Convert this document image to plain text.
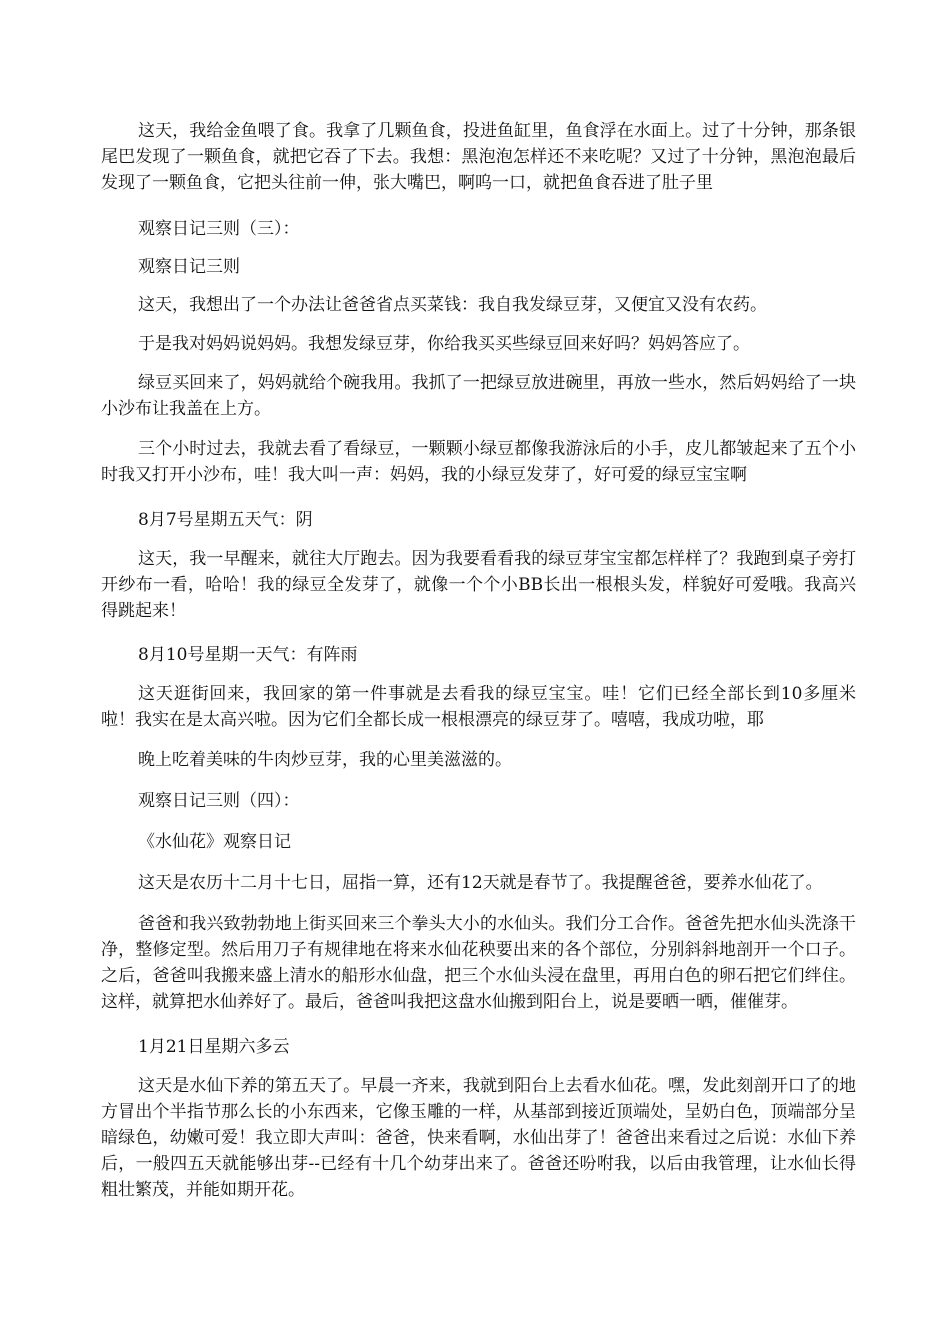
这天，我给金鱼喂了食。我拿了几颗鱼食，投进鱼缸里，鱼食浮在水面上。过了十分钟，那条银尾巴发现了一颗鱼食，就把它吞了下去。我想：黑泡泡怎样还不来吃呢？又过了十分钟，黑泡泡最后发现了一颗鱼食，它把头往前一伸，张大嘴巴，啊呜一口，就把鱼食吞进了肚子里

观察日记三则（三）：

观察日记三则

这天，我想出了一个办法让爸爸省点买菜钱：我自我发绿豆芽，又便宜又没有农药。

于是我对妈妈说妈妈。我想发绿豆芽，你给我买买些绿豆回来好吗？妈妈答应了。

绿豆买回来了，妈妈就给个碗我用。我抓了一把绿豆放进碗里，再放一些水，然后妈妈给了一块小沙布让我盖在上方。

三个小时过去，我就去看了看绿豆，一颗颗小绿豆都像我游泳后的小手，皮儿都皱起来了五个小时我又打开小沙布，哇！我大叫一声：妈妈，我的小绿豆发芽了，好可爱的绿豆宝宝啊

8月7号星期五天气：阴

这天，我一早醒来，就往大厅跑去。因为我要看看我的绿豆芽宝宝都怎样样了？我跑到桌子旁打开纱布一看，哈哈！我的绿豆全发芽了，就像一个个小BB长出一根根头发，样貌好可爱哦。我高兴得跳起来！

8月10号星期一天气：有阵雨

这天逛街回来，我回家的第一件事就是去看我的绿豆宝宝。哇！它们已经全部长到10多厘米啦！我实在是太高兴啦。因为它们全都长成一根根漂亮的绿豆芽了。嘻嘻，我成功啦，耶

晚上吃着美味的牛肉炒豆芽，我的心里美滋滋的。

观察日记三则（四）：

《水仙花》观察日记

这天是农历十二月十七日，屈指一算，还有12天就是春节了。我提醒爸爸，要养水仙花了。

爸爸和我兴致勃勃地上街买回来三个拳头大小的水仙头。我们分工合作。爸爸先把水仙头洗涤干净，整修定型。然后用刀子有规律地在将来水仙花秧要出来的各个部位，分别斜斜地剖开一个口子。之后，爸爸叫我搬来盛上清水的船形水仙盘，把三个水仙头浸在盘里，再用白色的卵石把它们绊住。这样，就算把水仙养好了。最后，爸爸叫我把这盘水仙搬到阳台上，说是要晒一晒，催催芽。

1月21日星期六多云

这天是水仙下养的第五天了。早晨一齐来，我就到阳台上去看水仙花。嘿，发此刻剖开口了的地方冒出个半指节那么长的小东西来，它像玉雕的一样，从基部到接近顶端处，呈奶白色，顶端部分呈暗绿色，幼嫩可爱！我立即大声叫：爸爸，快来看啊，水仙出芽了！爸爸出来看过之后说：水仙下养后，一般四五天就能够出芽--已经有十几个幼芽出来了。爸爸还吩咐我，以后由我管理，让水仙长得粗壮繁茂，并能如期开花。
